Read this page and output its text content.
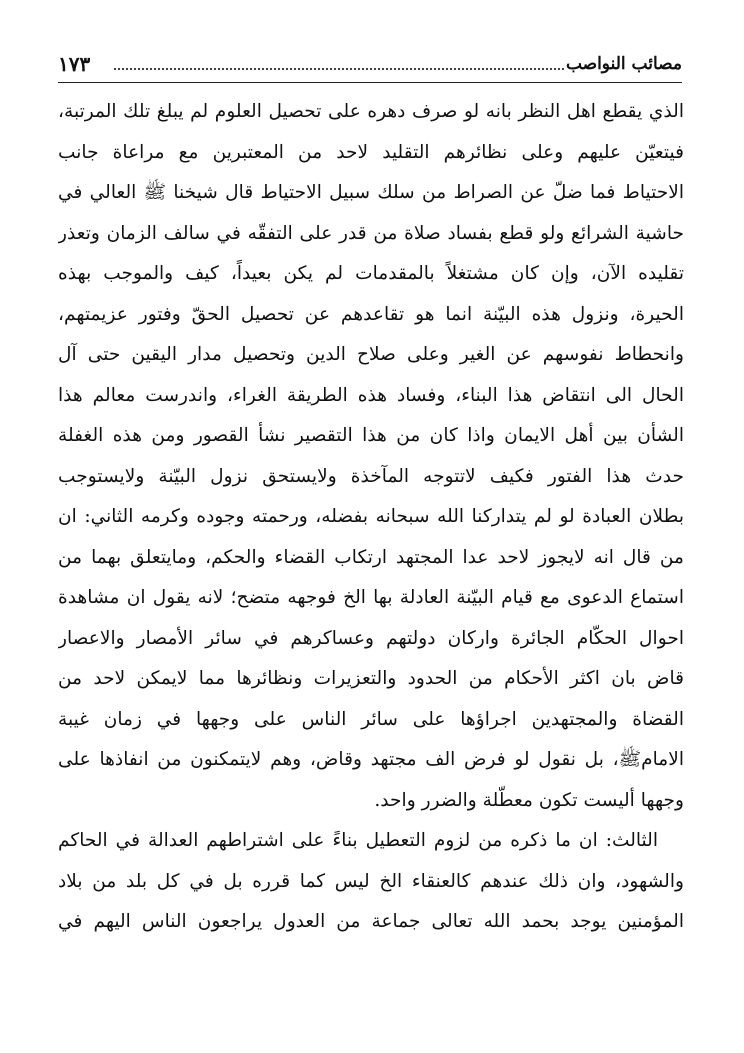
مصائب النواصب
١٧٣
الذي يقطع اهل النظر بانه لو صرف دهره على تحصيل العلوم لم يبلغ تلك المرتبة،
فيتعيّن عليهم وعلى نظائرهم التقليد لاحد من المعتبرين مع مراعاة جانب
الاحتياط فما ضلّ عن الصراط من سلك سبيل الاحتياط قال شيخنا ﷺ العالي في
حاشية الشرائع ولو قطع بفساد صلاة من قدر على التفقّه في سالف الزمان وتعذر
تقليده الآن، وإن كان مشتغلاً بالمقدمات لم يكن بعيداً، كيف والموجب بهذه
الحيرة، ونزول هذه البيّنة انما هو تقاعدهم عن تحصيل الحقّ وفتور عزيمتهم،
وانحطاط نفوسهم عن الغير وعلى صلاح الدين وتحصيل مدار اليقين حتى آل
الحال الى انتقاض هذا البناء، وفساد هذه الطريقة الغراء، واندرست معالم هذا
الشأن بين أهل الايمان واذا كان من هذا التقصير نشأ القصور ومن هذه الغفلة
حدث هذا الفتور فكيف لاتتوجه المآخذة ولايستحق نزول البيّنة ولايستوجب
بطلان العبادة لو لم يتداركنا الله سبحانه بفضله، ورحمته وجوده وكرمه الثاني: ان
من قال انه لايجوز لاحد عدا المجتهد ارتكاب القضاء والحكم، ومايتعلق بهما من
استماع الدعوى مع قيام البيّنة العادلة بها الخ فوجهه متضح؛ لانه يقول ان مشاهدة
احوال الحكّام الجائرة واركان دولتهم وعساكرهم في سائر الأمصار والاعصار
قاض بان اكثر الأحكام من الحدود والتعزيرات ونظائرها مما لايمكن لاحد من
القضاة والمجتهدين اجراؤها على سائر الناس على وجهها في زمان غيبة
الامامﷺ، بل نقول لو فرض الف مجتهد وقاض، وهم لايتمكنون من انفاذها على
وجهها أليست تكون معطّلة والضرر واحد.
الثالث: ان ما ذكره من لزوم التعطيل بناءً على اشتراطهم العدالة في الحاكم
والشهود، وان ذلك عندهم كالعنقاء الخ ليس كما قرره بل في كل بلد من بلاد
المؤمنين يوجد بحمد الله تعالى جماعة من العدول يراجعون الناس اليهم في
